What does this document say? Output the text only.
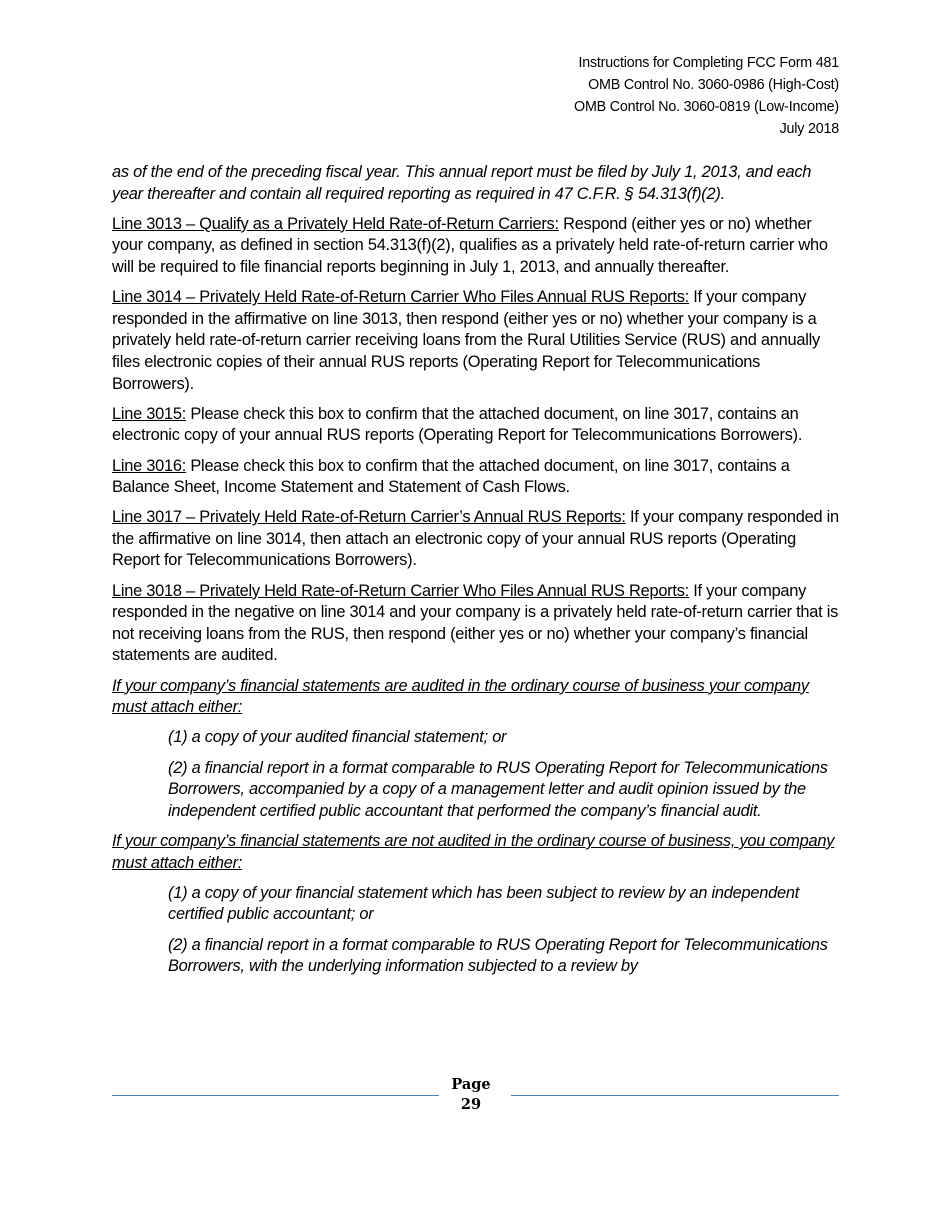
Instructions for Completing FCC Form 481
OMB Control No. 3060-0986 (High-Cost)
OMB Control No. 3060-0819 (Low-Income)
July 2018

as of the end of the preceding fiscal year. This annual report must be filed by July 1, 2013, and each year thereafter and contain all required reporting as required in 47 C.F.R. § 54.313(f)(2).

Line 3013 – Qualify as a Privately Held Rate-of-Return Carriers: Respond (either yes or no) whether your company, as defined in section 54.313(f)(2), qualifies as a privately held rate-of-return carrier who will be required to file financial reports beginning in July 1, 2013, and annually thereafter.

Line 3014 – Privately Held Rate-of-Return Carrier Who Files Annual RUS Reports: If your company responded in the affirmative on line 3013, then respond (either yes or no) whether your company is a privately held rate-of-return carrier receiving loans from the Rural Utilities Service (RUS) and annually files electronic copies of their annual RUS reports (Operating Report for Telecommunications Borrowers).

Line 3015: Please check this box to confirm that the attached document, on line 3017, contains an electronic copy of your annual RUS reports (Operating Report for Telecommunications Borrowers).

Line 3016: Please check this box to confirm that the attached document, on line 3017, contains a Balance Sheet, Income Statement and Statement of Cash Flows.

Line 3017 – Privately Held Rate-of-Return Carrier’s Annual RUS Reports: If your company responded in the affirmative on line 3014, then attach an electronic copy of your annual RUS reports (Operating Report for Telecommunications Borrowers).

Line 3018 – Privately Held Rate-of-Return Carrier Who Files Annual RUS Reports: If your company responded in the negative on line 3014 and your company is a privately held rate-of-return carrier that is not receiving loans from the RUS, then respond (either yes or no) whether your company’s financial statements are audited.

If your company’s financial statements are audited in the ordinary course of business your company must attach either:

(1) a copy of your audited financial statement; or

(2) a financial report in a format comparable to RUS Operating Report for Telecommunications Borrowers, accompanied by a copy of a management letter and audit opinion issued by the independent certified public accountant that performed the company’s financial audit.

If your company’s financial statements are not audited in the ordinary course of business, you company must attach either:

(1) a copy of your financial statement which has been subject to review by an independent certified public accountant; or

(2) a financial report in a format comparable to RUS Operating Report for Telecommunications Borrowers, with the underlying information subjected to a review by

Page
29
